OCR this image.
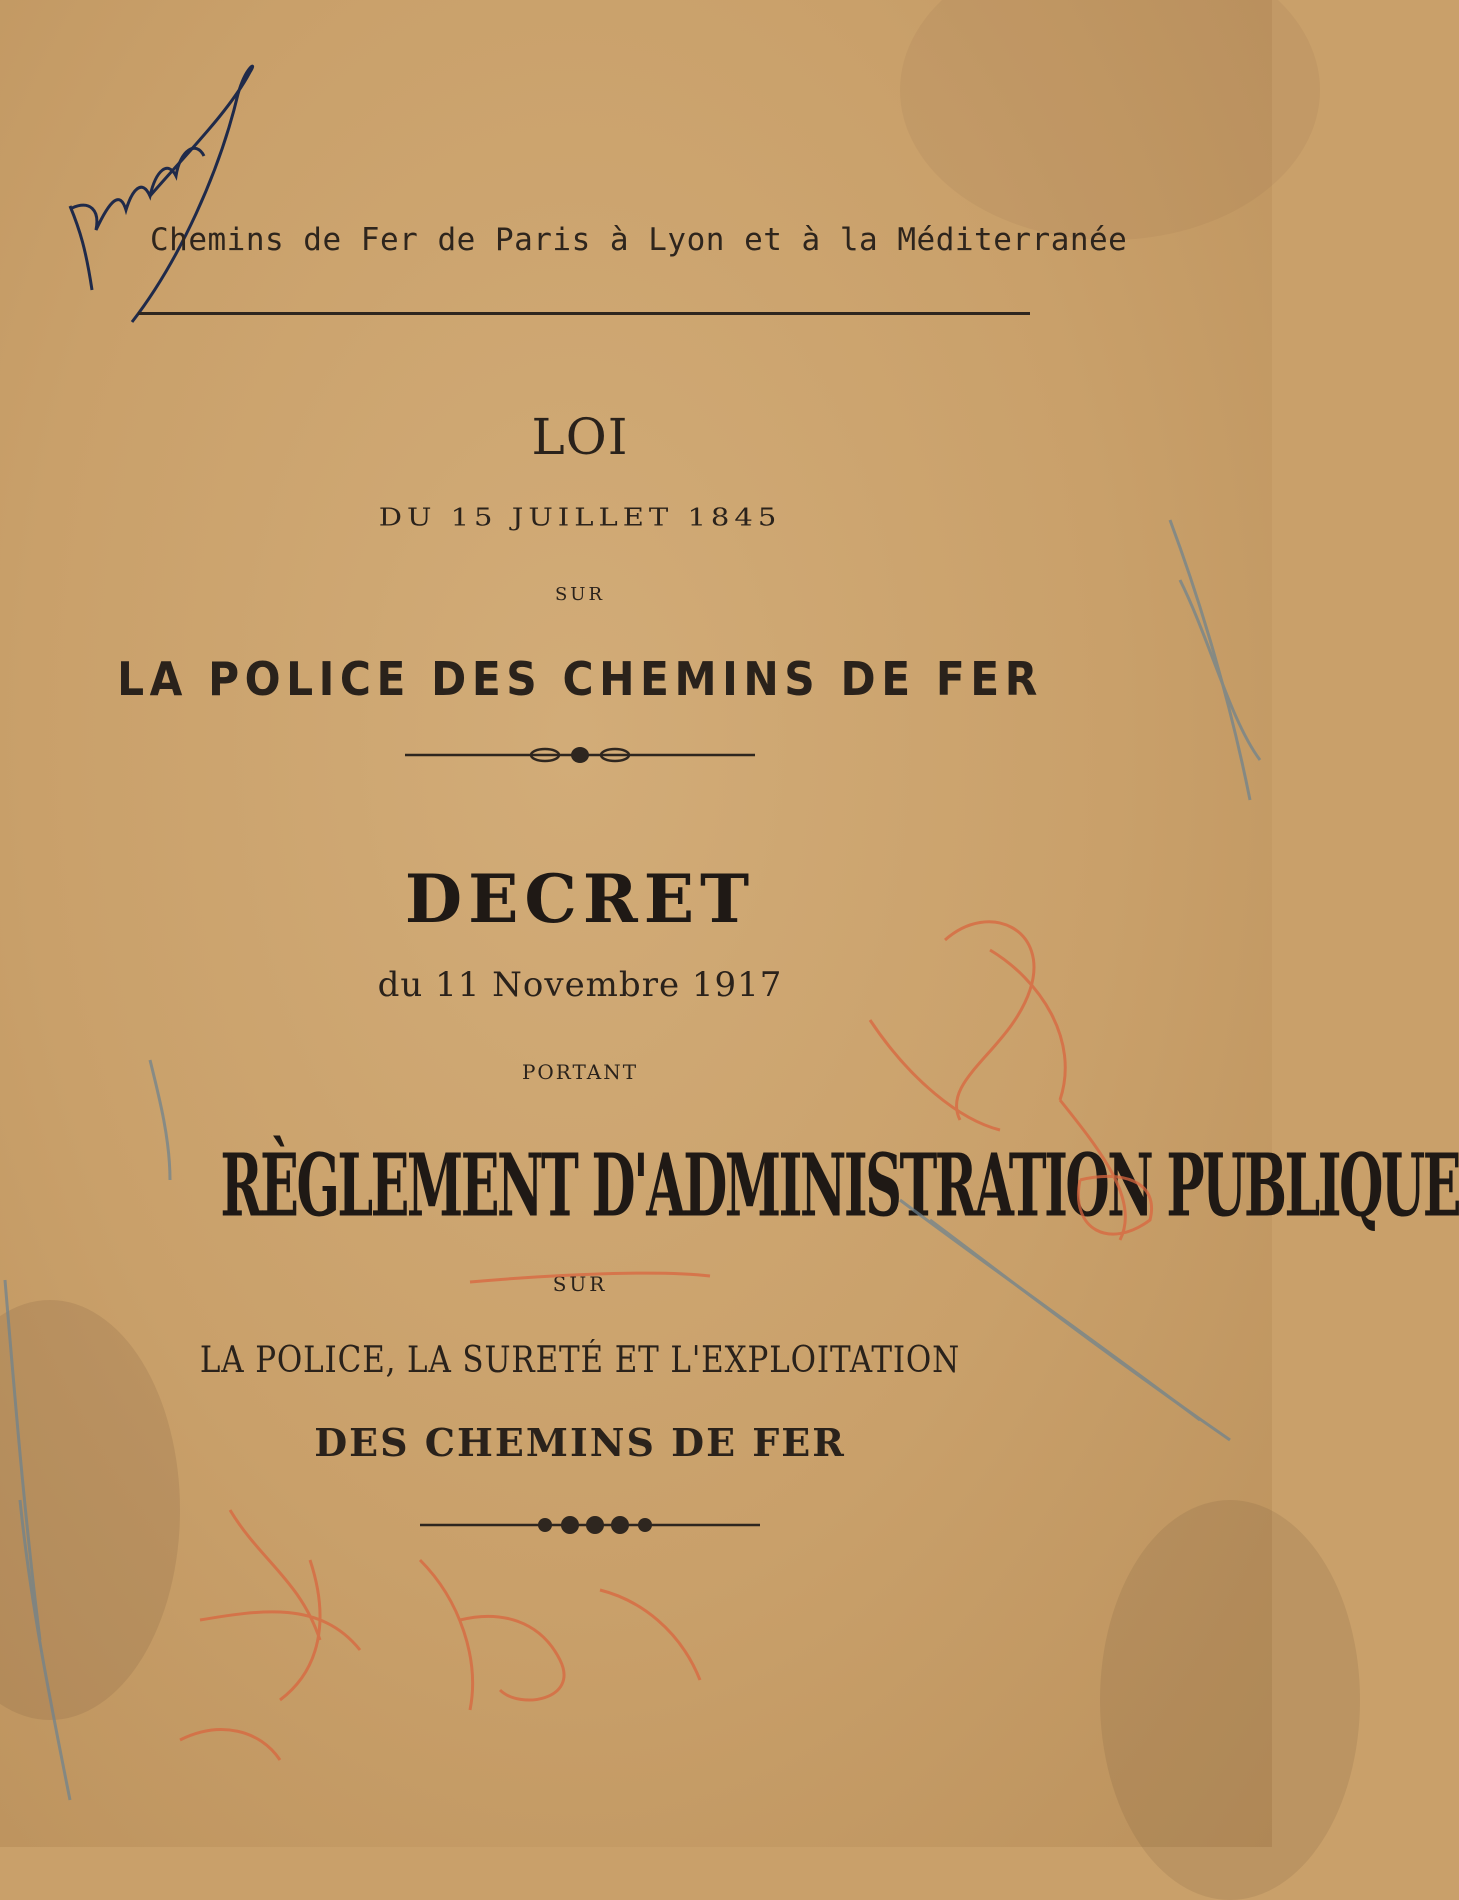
Chemins de Fer de Paris à Lyon et à la Méditerranée
LOI
DU 15 JUILLET 1845
SUR
LA POLICE DES CHEMINS DE FER
DECRET
du 11 Novembre 1917
PORTANT
RÈGLEMENT D'ADMINISTRATION PUBLIQUE
SUR
LA POLICE, LA SURETÉ ET L'EXPLOITATION
DES CHEMINS DE FER
